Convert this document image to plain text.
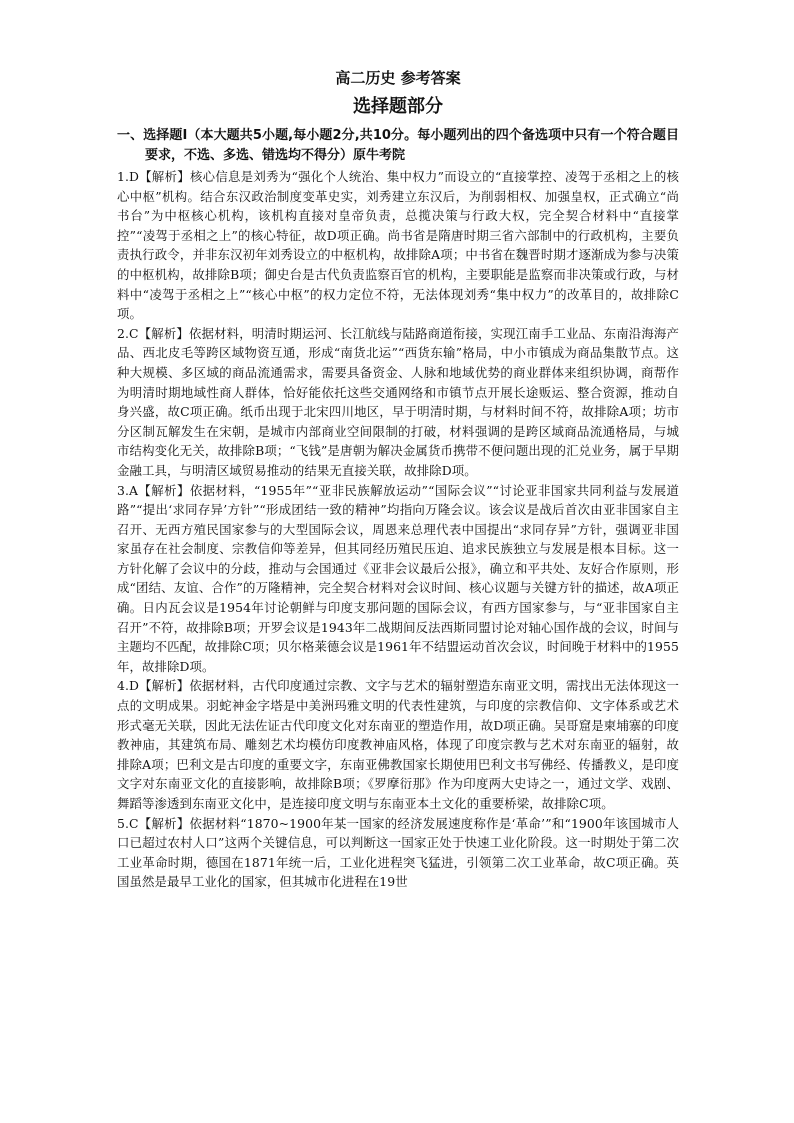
高二历史 参考答案
选择题部分
一、选择题Ⅰ（本大题共5小题,每小题2分,共10分。每小题列出的四个备选项中只有一个符合题目要求，不选、多选、错选均不得分）原牛考院

1.D【解析】核心信息是刘秀为“强化个人统治、集中权力”而设立的“直接掌控、凌驾于丞相之上的核心中枢”机构。结合东汉政治制度变革史实，刘秀建立东汉后，为削弱相权、加强皇权，正式确立“尚书台”为中枢核心机构，该机构直接对皇帝负责，总揽决策与行政大权，完全契合材料中“直接掌控”“凌驾于丞相之上”的核心特征，故D项正确。尚书省是隋唐时期三省六部制中的行政机构，主要负责执行政令，并非东汉初年刘秀设立的中枢机构，故排除A项；中书省在魏晋时期才逐渐成为参与决策的中枢机构，故排除B项；御史台是古代负责监察百官的机构，主要职能是监察而非决策或行政，与材料中“凌驾于丞相之上”“核心中枢”的权力定位不符，无法体现刘秀“集中权力”的改革目的，故排除C项。

2.C【解析】依据材料，明清时期运河、长江航线与陆路商道衔接，实现江南手工业品、东南沿海海产品、西北皮毛等跨区域物资互通，形成“南货北运”“西货东输”格局，中小市镇成为商品集散节点。这种大规模、多区域的商品流通需求，需要具备资金、人脉和地域优势的商业群体来组织协调，商帮作为明清时期地域性商人群体，恰好能依托这些交通网络和市镇节点开展长途贩运、整合资源，推动自身兴盛，故C项正确。纸币出现于北宋四川地区，早于明清时期，与材料时间不符，故排除A项；坊市分区制瓦解发生在宋朝，是城市内部商业空间限制的打破，材料强调的是跨区域商品流通格局，与城市结构变化无关，故排除B项；“飞钱”是唐朝为解决金属货币携带不便问题出现的汇兑业务，属于早期金融工具，与明清区域贸易推动的结果无直接关联，故排除D项。

3.A【解析】依据材料，“1955年”“亚非民族解放运动”“国际会议”“讨论亚非国家共同利益与发展道路”“提出‘求同存异’方针”“形成团结一致的精神”均指向万隆会议。该会议是战后首次由亚非国家自主召开、无西方殖民国家参与的大型国际会议，周恩来总理代表中国提出“求同存异”方针，强调亚非国家虽存在社会制度、宗教信仰等差异，但其同经历殖民压迫、追求民族独立与发展是根本目标。这一方针化解了会议中的分歧，推动与会国通过《亚非会议最后公报》，确立和平共处、友好合作原则，形成“团结、友谊、合作”的万隆精神，完全契合材料对会议时间、核心议题与关键方针的描述，故A项正确。日内瓦会议是1954年讨论朝鲜与印度支那问题的国际会议，有西方国家参与，与“亚非国家自主召开”不符，故排除B项；开罗会议是1943年二战期间反法西斯同盟讨论对轴心国作战的会议，时间与主题均不匹配，故排除C项；贝尔格莱德会议是1961年不结盟运动首次会议，时间晚于材料中的1955年，故排除D项。

4.D【解析】依据材料，古代印度通过宗教、文字与艺术的辐射塑造东南亚文明，需找出无法体现这一点的文明成果。羽蛇神金字塔是中美洲玛雅文明的代表性建筑，与印度的宗教信仰、文字体系或艺术形式毫无关联，因此无法佐证古代印度文化对东南亚的塑造作用，故D项正确。吴哥窟是柬埔寨的印度教神庙，其建筑布局、雕刻艺术均模仿印度教神庙风格，体现了印度宗教与艺术对东南亚的辐射，故排除A项；巴利文是古印度的重要文字，东南亚佛教国家长期使用巴利文书写佛经、传播教义，是印度文字对东南亚文化的直接影响，故排除B项；《罗摩衍那》作为印度两大史诗之一，通过文学、戏剧、舞蹈等渗透到东南亚文化中，是连接印度文明与东南亚本土文化的重要桥梁，故排除C项。

5.C【解析】依据材料“1870~1900年某一国家的经济发展速度称作是‘革命’”和“1900年该国城市人口已超过农村人口”这两个关键信息，可以判断这一国家正处于快速工业化阶段。这一时期处于第二次工业革命时期，德国在1871年统一后，工业化进程突飞猛进，引领第二次工业革命，故C项正确。英国虽然是最早工业化的国家，但其城市化进程在19世
